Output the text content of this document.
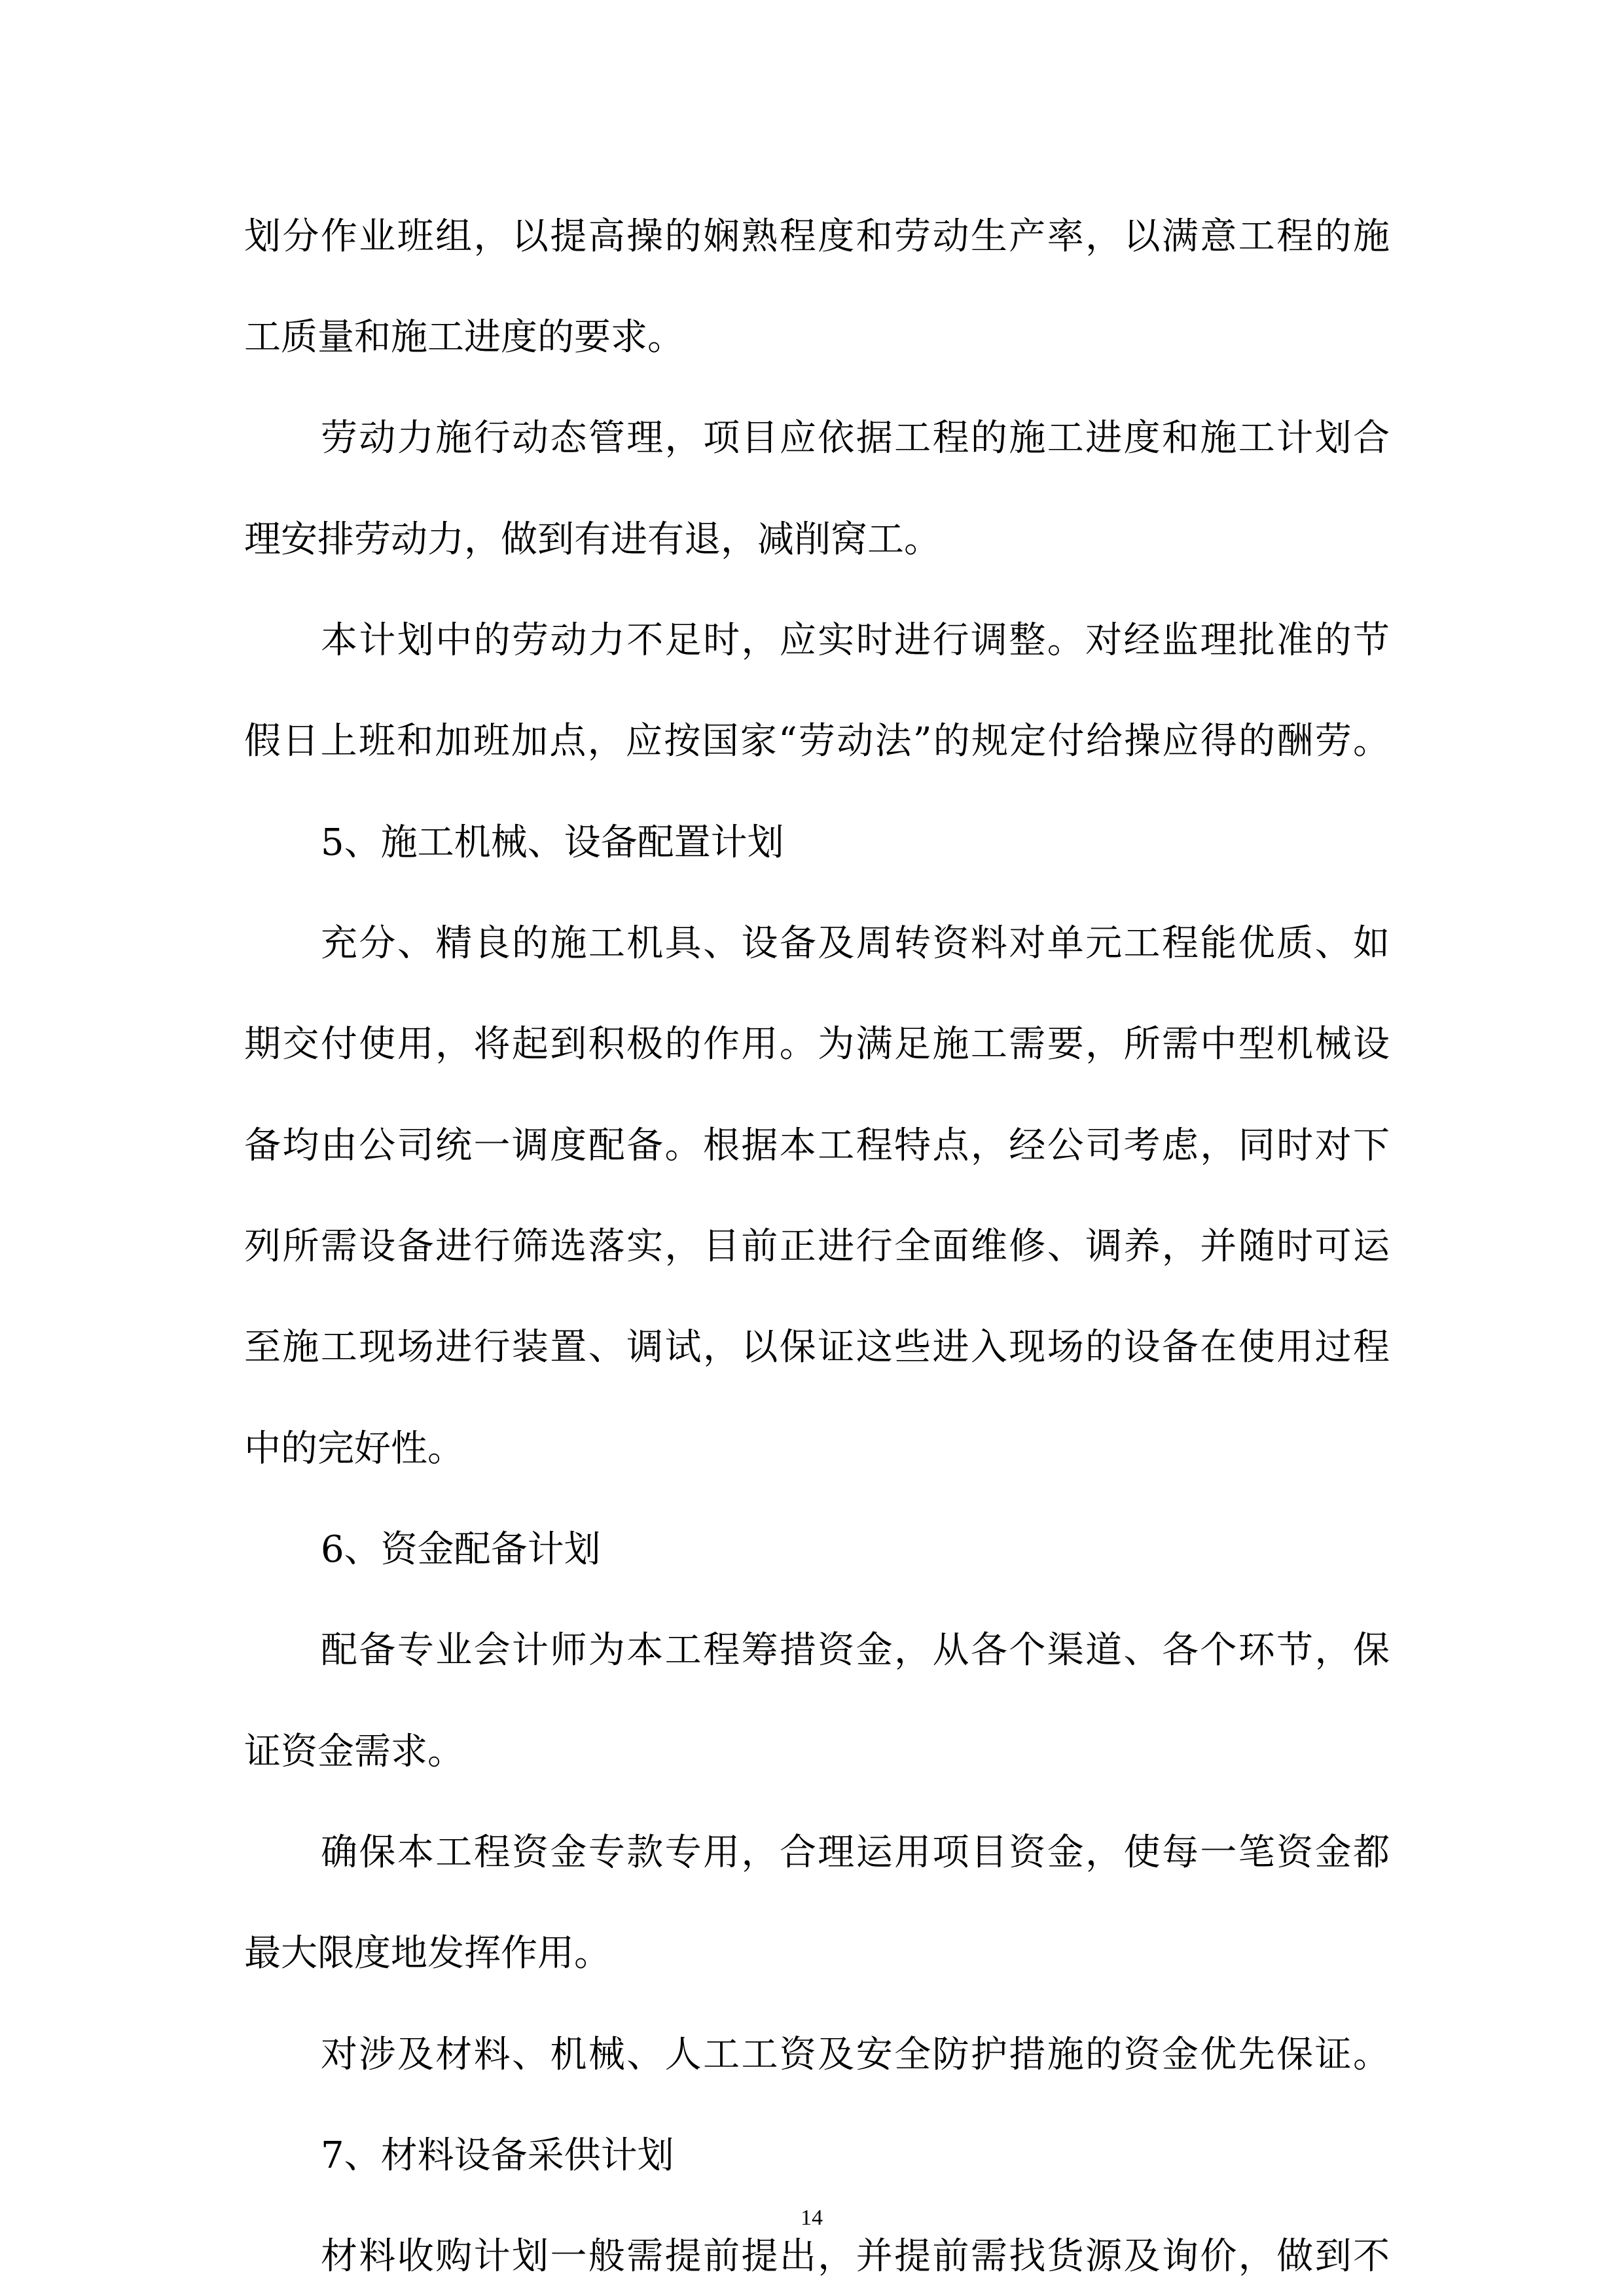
划分作业班组，以提高操的娴熟程度和劳动生产率，以满意工程的施
工质量和施工进度的要求。
劳动力施行动态管理，项目应依据工程的施工进度和施工计划合
理安排劳动力，做到有进有退，减削窝工。
本计划中的劳动力不足时，应实时进行调整。对经监理批准的节
假日上班和加班加点，应按国家“劳动法”的规定付给操应得的酬劳。
5、施工机械、设备配置计划
充分、精良的施工机具、设备及周转资料对单元工程能优质、如
期交付使用，将起到积极的作用。为满足施工需要，所需中型机械设
备均由公司统一调度配备。根据本工程特点，经公司考虑，同时对下
列所需设备进行筛选落实，目前正进行全面维修、调养，并随时可运
至施工现场进行装置、调试，以保证这些进入现场的设备在使用过程
中的完好性。
6、资金配备计划
配备专业会计师为本工程筹措资金，从各个渠道、各个环节，保
证资金需求。
确保本工程资金专款专用，合理运用项目资金，使每一笔资金都
最大限度地发挥作用。
对涉及材料、机械、人工工资及安全防护措施的资金优先保证。
7、材料设备采供计划
材料收购计划一般需提前提出，并提前需找货源及询价，做到不
14
